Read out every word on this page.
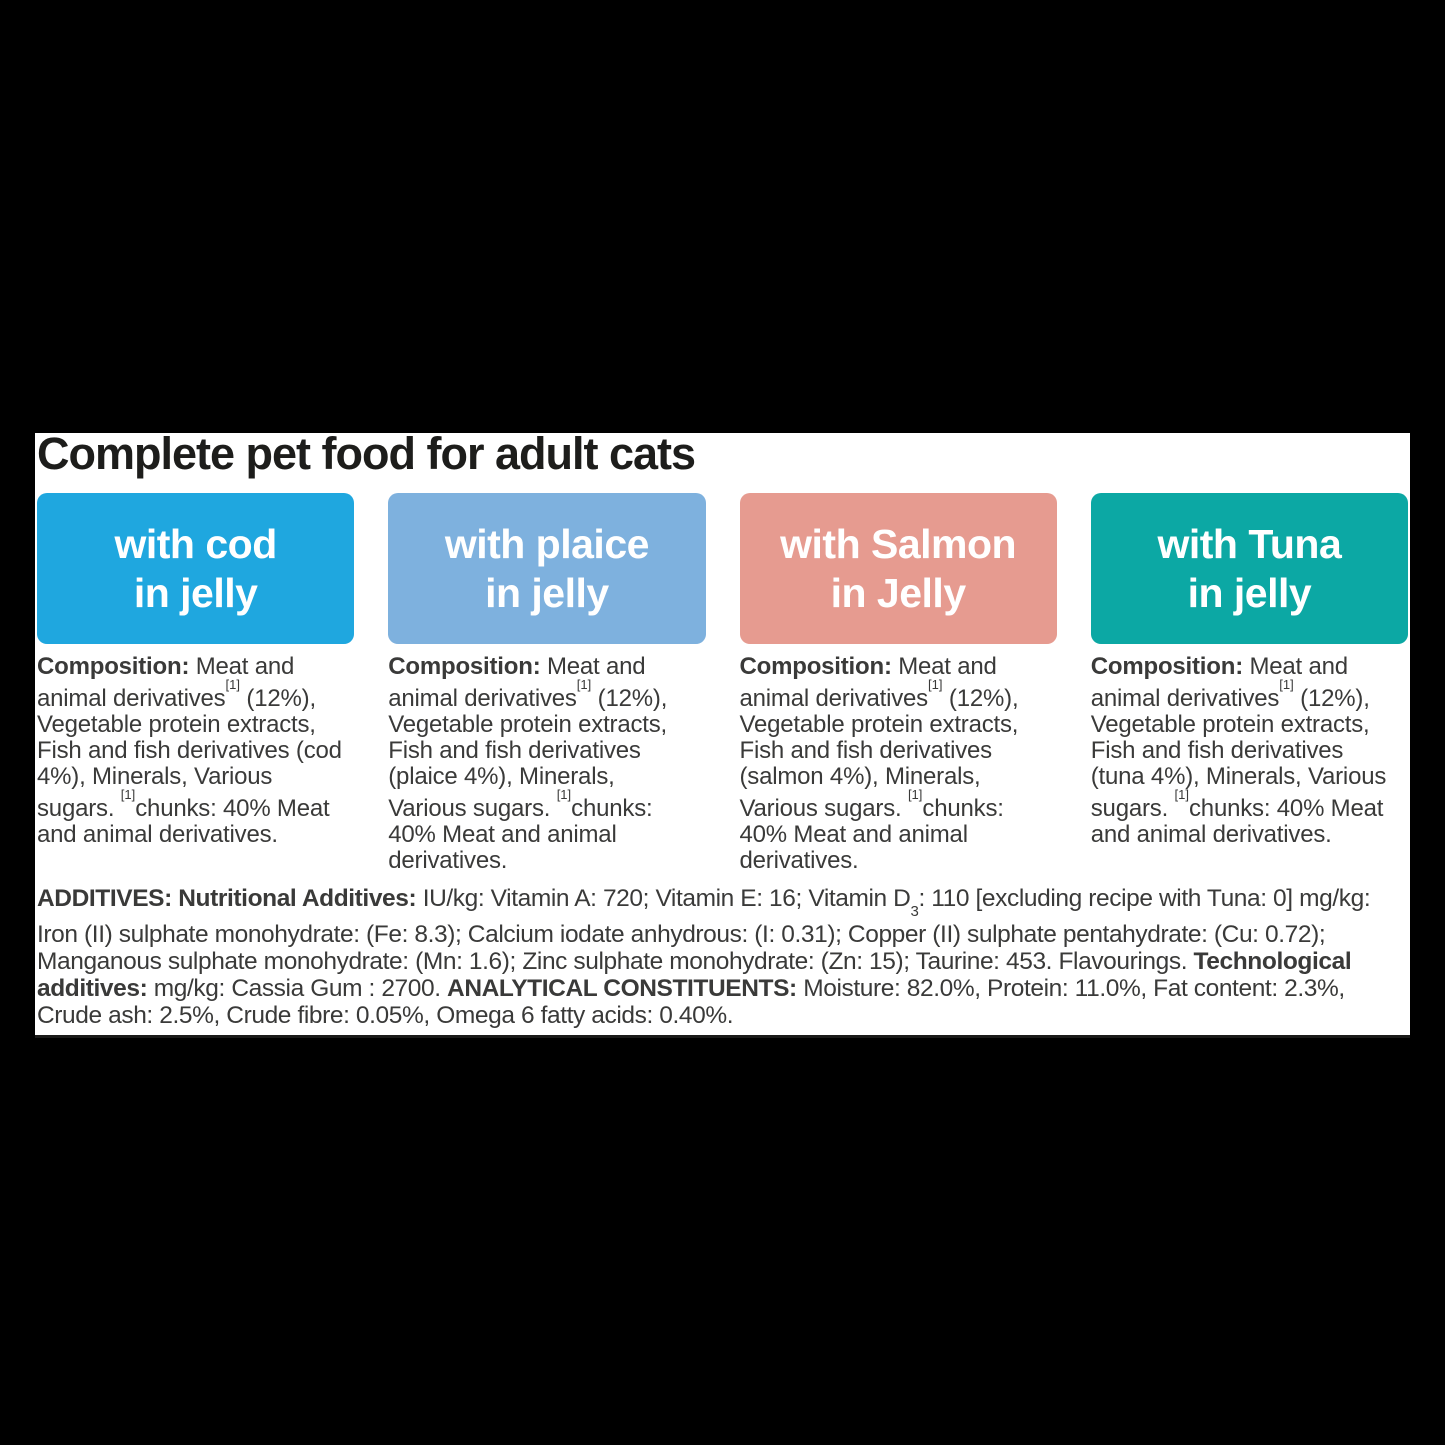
Complete pet food for adult cats
with cod
in jelly

Composition: Meat and animal derivatives[1] (12%), Vegetable protein extracts, Fish and fish derivatives (cod 4%), Minerals, Various sugars. [1]chunks: 40% Meat and animal derivatives.

with plaice
in jelly

Composition: Meat and animal derivatives[1] (12%), Vegetable protein extracts, Fish and fish derivatives (plaice 4%), Minerals, Various sugars. [1]chunks: 40% Meat and animal derivatives.

with Salmon
in Jelly

Composition: Meat and animal derivatives[1] (12%), Vegetable protein extracts, Fish and fish derivatives (salmon 4%), Minerals, Various sugars. [1]chunks: 40% Meat and animal derivatives.

with Tuna
in jelly

Composition: Meat and animal derivatives[1] (12%), Vegetable protein extracts, Fish and fish derivatives (tuna 4%), Minerals, Various sugars. [1]chunks: 40% Meat and animal derivatives.

ADDITIVES: Nutritional Additives: IU/kg: Vitamin A: 720; Vitamin E: 16; Vitamin $D_3$: 110 [excluding recipe with Tuna: 0] mg/kg: Iron (II) sulphate monohydrate: (Fe: 8.3); Calcium iodate anhydrous: (I: 0.31); Copper (II) sulphate pentahydrate: (Cu: 0.72); Manganous sulphate monohydrate: (Mn: 1.6); Zinc sulphate monohydrate: (Zn: 15); Taurine: 453. Flavourings. Technological additives: mg/kg: Cassia Gum : 2700. ANALYTICAL CONSTITUENTS: Moisture: 82.0%, Protein: 11.0%, Fat content: 2.3%, Crude ash: 2.5%, Crude fibre: 0.05%, Omega 6 fatty acids: 0.40%.
